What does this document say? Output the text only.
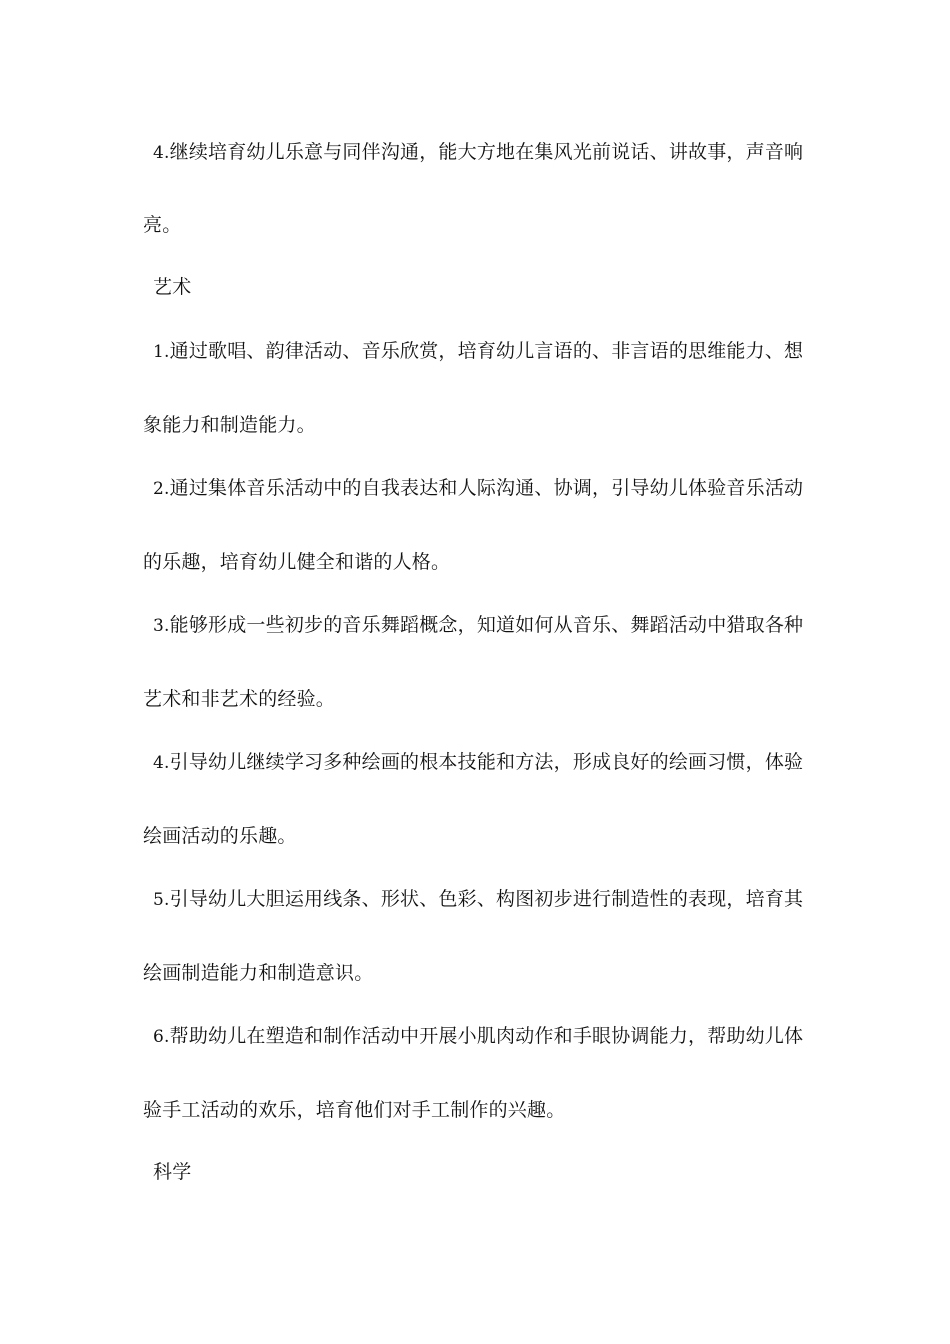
4.继续培育幼儿乐意与同伴沟通，能大方地在集风光前说话、讲故事，声音响
亮。
艺术
1.通过歌唱、韵律活动、音乐欣赏，培育幼儿言语的、非言语的思维能力、想
象能力和制造能力。
2.通过集体音乐活动中的自我表达和人际沟通、协调，引导幼儿体验音乐活动
的乐趣，培育幼儿健全和谐的人格。
3.能够形成一些初步的音乐舞蹈概念，知道如何从音乐、舞蹈活动中猎取各种
艺术和非艺术的经验。
4.引导幼儿继续学习多种绘画的根本技能和方法，形成良好的绘画习惯，体验
绘画活动的乐趣。
5.引导幼儿大胆运用线条、形状、色彩、构图初步进行制造性的表现，培育其
绘画制造能力和制造意识。
6.帮助幼儿在塑造和制作活动中开展小肌肉动作和手眼协调能力，帮助幼儿体
验手工活动的欢乐，培育他们对手工制作的兴趣。
科学
